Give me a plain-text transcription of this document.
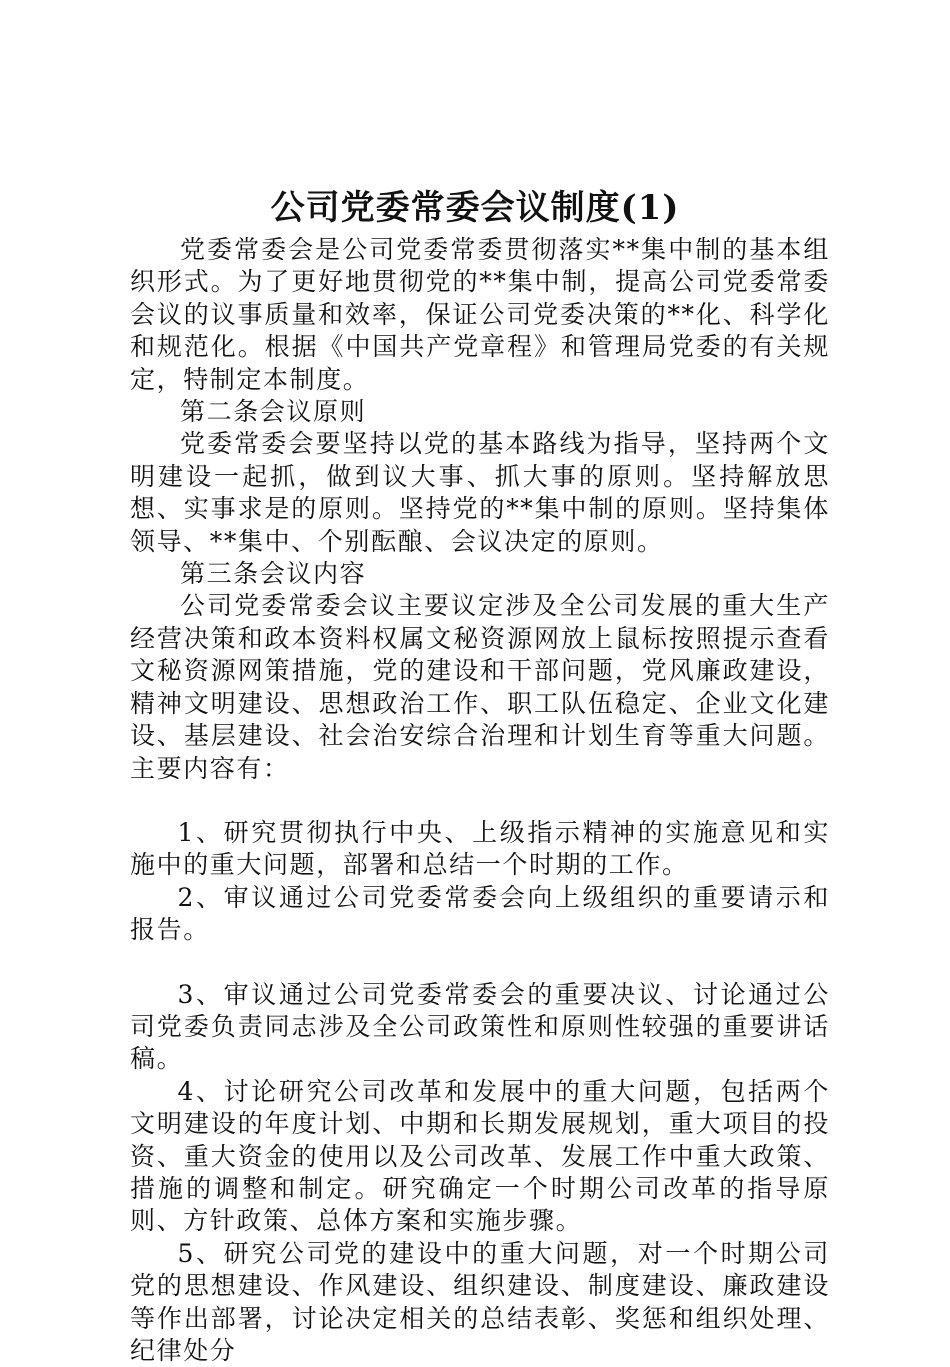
公司党委常委会议制度(1)

党委常委会是公司党委常委贯彻落实**集中制的基本组织形式。为了更好地贯彻党的**集中制，提高公司党委常委会议的议事质量和效率，保证公司党委决策的**化、科学化和规范化。根据《中国共产党章程》和管理局党委的有关规定，特制定本制度。

第二条会议原则

党委常委会要坚持以党的基本路线为指导，坚持两个文明建设一起抓，做到议大事、抓大事的原则。坚持解放思想、实事求是的原则。坚持党的**集中制的原则。坚持集体领导、**集中、个别酝酿、会议决定的原则。

第三条会议内容

公司党委常委会议主要议定涉及全公司发展的重大生产经营决策和政本资料权属文秘资源网放上鼠标按照提示查看文秘资源网策措施，党的建设和干部问题，党风廉政建设，精神文明建设、思想政治工作、职工队伍稳定、企业文化建设、基层建设、社会治安综合治理和计划生育等重大问题。主要内容有：

1、研究贯彻执行中央、上级指示精神的实施意见和实施中的重大问题，部署和总结一个时期的工作。

2、审议通过公司党委常委会向上级组织的重要请示和报告。

3、审议通过公司党委常委会的重要决议、讨论通过公司党委负责同志涉及全公司政策性和原则性较强的重要讲话稿。

4、讨论研究公司改革和发展中的重大问题，包括两个文明建设的年度计划、中期和长期发展规划，重大项目的投资、重大资金的使用以及公司改革、发展工作中重大政策、措施的调整和制定。研究确定一个时期公司改革的指导原则、方针政策、总体方案和实施步骤。

5、研究公司党的建设中的重大问题，对一个时期公司党的思想建设、作风建设、组织建设、制度建设、廉政建设等作出部署，讨论决定相关的总结表彰、奖惩和组织处理、纪律处分
